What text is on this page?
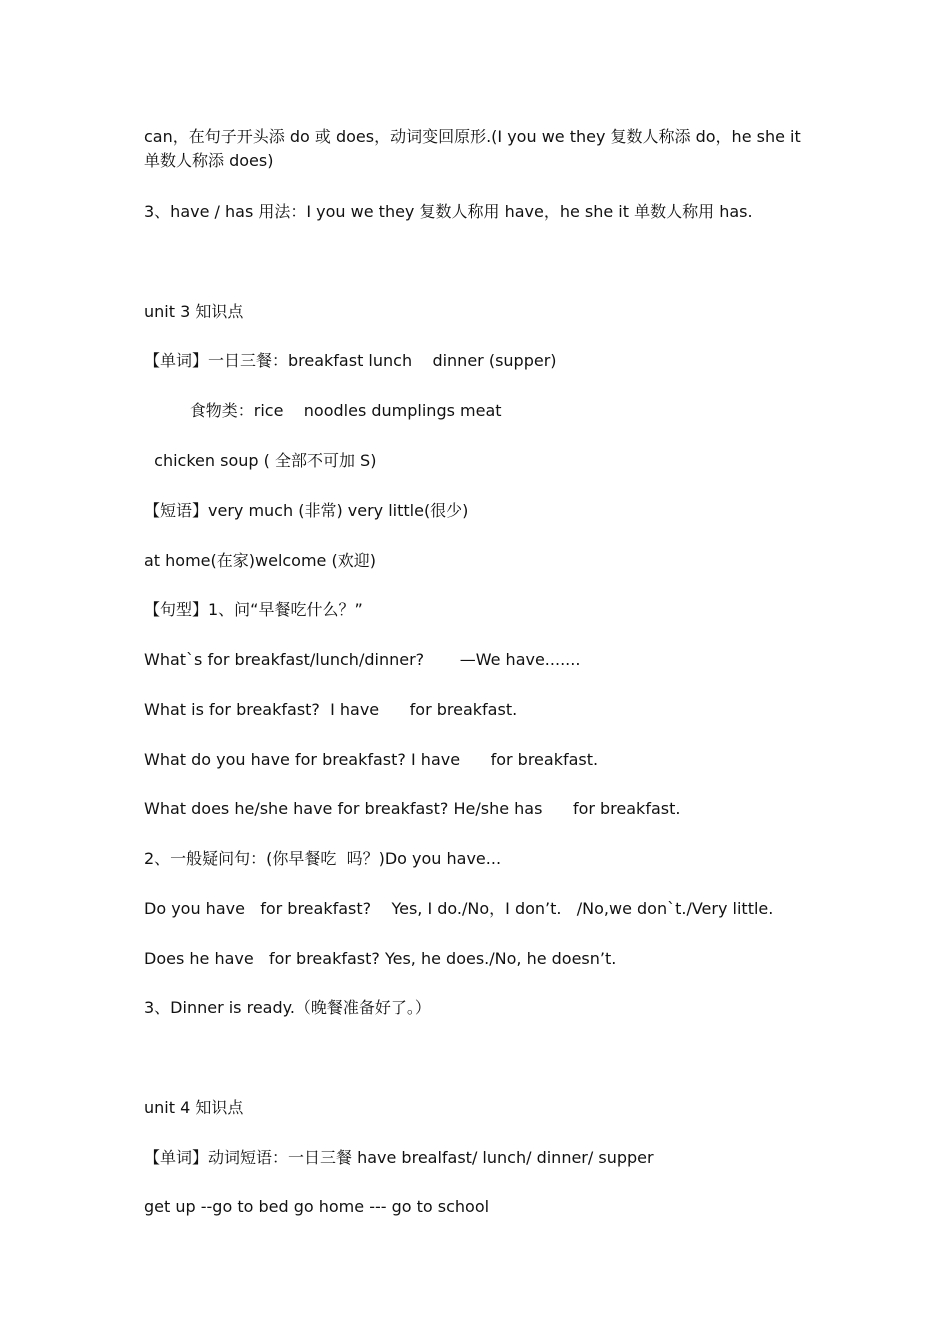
can，在句子开头添 do 或 does，动词变回原形.(I you we they 复数人称添 do，he she it 单数人称添 does)
3、have / has 用法：I you we they 复数人称用 have，he she it 单数人称用 has.
unit 3 知识点
【单词】一日三餐：breakfast lunch    dinner (supper)
食物类：rice    noodles dumplings meat
chicken soup ( 全部不可加 S)
【短语】very much (非常) very little(很少)
at home(在家)welcome (欢迎)
【句型】1、问“早餐吃什么？”
What`s for breakfast/lunch/dinner?       —We have.......
What is for breakfast?  I have      for breakfast.
What do you have for breakfast? I have      for breakfast.
What does he/she have for breakfast? He/she has      for breakfast.
2、一般疑问句：(你早餐吃  吗？)Do you have...
Do you have   for breakfast?    Yes, I do./No，I don’t.   /No,we don`t./Very little.
Does he have   for breakfast? Yes, he does./No, he doesn’t.
3、Dinner is ready.（晚餐准备好了。）
unit 4 知识点
【单词】动词短语：一日三餐 have brealfast/ lunch/ dinner/ supper
get up --go to bed go home --- go to school
